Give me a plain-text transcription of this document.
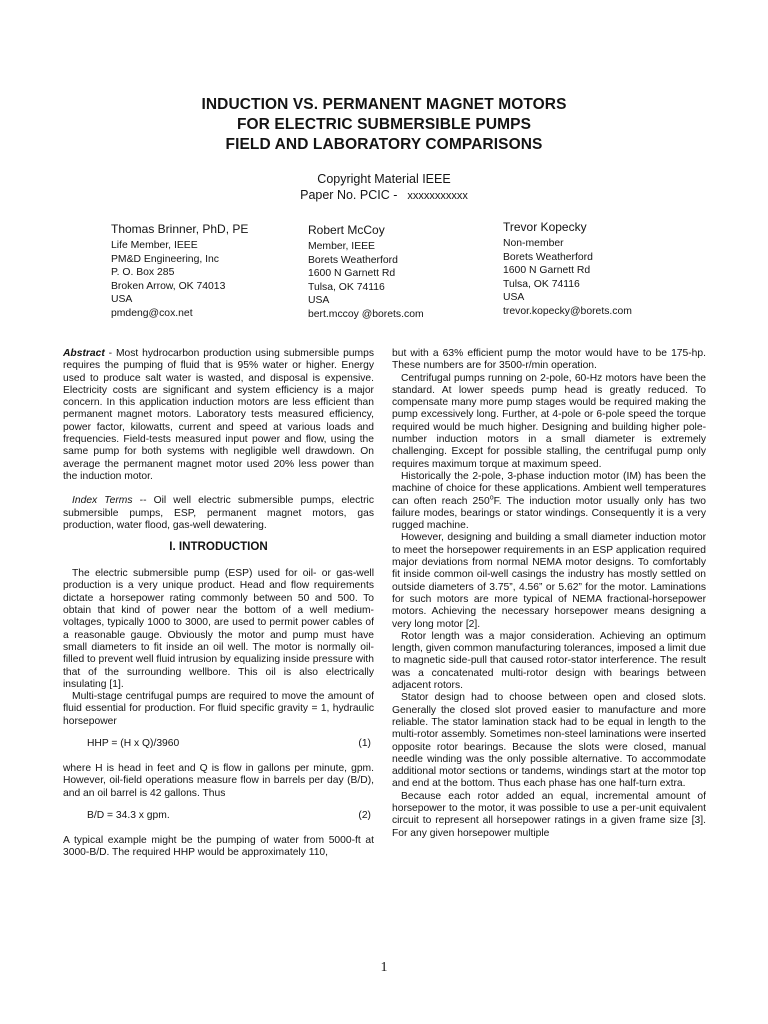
INDUCTION VS. PERMANENT MAGNET MOTORS
FOR ELECTRIC SUBMERSIBLE PUMPS
FIELD AND LABORATORY COMPARISONS
Copyright Material IEEE
Paper No. PCIC - xxxxxxxxxxx
Thomas Brinner, PhD, PE
Life Member, IEEE
PM&D Engineering, Inc
P. O. Box 285
Broken Arrow, OK 74013
USA
pmdeng@cox.net
Robert McCoy
Member, IEEE
Borets Weatherford
1600 N Garnett Rd
Tulsa, OK 74116
USA
bert.mccoy @borets.com
Trevor Kopecky
Non-member
Borets Weatherford
1600 N Garnett Rd
Tulsa, OK 74116
USA
trevor.kopecky@borets.com

Abstract - Most hydrocarbon production using submersible pumps requires the pumping of fluid that is 95% water or higher. Energy used to produce salt water is wasted, and disposal is expensive. Electricity costs are significant and system efficiency is a major concern. In this application induction motors are less efficient than permanent magnet motors. Laboratory tests measured efficiency, power factor, kilowatts, current and speed at various loads and frequencies. Field-tests measured input power and flow, using the same pump for both systems with negligible well drawdown. On average the permanent magnet motor used 20% less power than the induction motor.

Index Terms -- Oil well electric submersible pumps, electric submersible pumps, ESP, permanent magnet motors, gas production, water flood, gas-well dewatering.

I. INTRODUCTION

The electric submersible pump (ESP) used for oil- or gas-well production is a very unique product. Head and flow requirements dictate a horsepower rating commonly between 50 and 500. To obtain that kind of power near the bottom of a well medium-voltages, typically 1000 to 3000, are used to permit power cables of a reasonable gauge. Obviously the motor and pump must have small diameters to fit inside an oil well. The motor is normally oil-filled to prevent well fluid intrusion by equalizing inside pressure with that of the surrounding wellbore. This oil is also electrically insulating [1].

Multi-stage centrifugal pumps are required to move the amount of fluid essential for production. For fluid specific gravity = 1, hydraulic horsepower

HHP = (H x Q)/3960	(1)

where H is head in feet and Q is flow in gallons per minute, gpm. However, oil-field operations measure flow in barrels per day (B/D), and an oil barrel is 42 gallons. Thus

B/D = 34.3 x gpm.	(2)

A typical example might be the pumping of water from 5000-ft at 3000-B/D. The required HHP would be approximately 110,

but with a 63% efficient pump the motor would have to be 175-hp. These numbers are for 3500-r/min operation.

Centrifugal pumps running on 2-pole, 60-Hz motors have been the standard. At lower speeds pump head is greatly reduced. To compensate many more pump stages would be required making the pump excessively long. Further, at 4-pole or 6-pole speed the torque required would be much higher. Designing and building higher pole-number induction motors in a small diameter is extremely challenging. Except for possible stalling, the centrifugal pump only requires maximum torque at maximum speed.

Historically the 2-pole, 3-phase induction motor (IM) has been the machine of choice for these applications. Ambient well temperatures can often reach 250$^o$F. The induction motor usually only has two failure modes, bearings or stator windings. Consequently it is a very rugged machine.

However, designing and building a small diameter induction motor to meet the horsepower requirements in an ESP application required major deviations from normal NEMA motor designs. To comfortably fit inside common oil-well casings the industry has mostly settled on outside diameters of 3.75”, 4.56” or 5.62” for the motor. Laminations for such motors are more typical of NEMA fractional-horsepower motors. Achieving the necessary horsepower means designing a very long motor [2].

Rotor length was a major consideration. Achieving an optimum length, given common manufacturing tolerances, imposed a limit due to magnetic side-pull that caused rotor-stator interference. The result was a concatenated multi-rotor design with bearings between adjacent rotors.

Stator design had to choose between open and closed slots. Generally the closed slot proved easier to manufacture and more reliable. The stator lamination stack had to be equal in length to the multi-rotor assembly. Sometimes non-steel laminations were inserted opposite rotor bearings. Because the slots were closed, manual needle winding was the only possible alternative. To accommodate additional motor sections or tandems, windings start at the motor top and end at the bottom. Thus each phase has one half-turn extra.

Because each rotor added an equal, incremental amount of horsepower to the motor, it was possible to use a per-unit equivalent circuit to represent all horsepower ratings in a given frame size [3]. For any given horsepower multiple

1
